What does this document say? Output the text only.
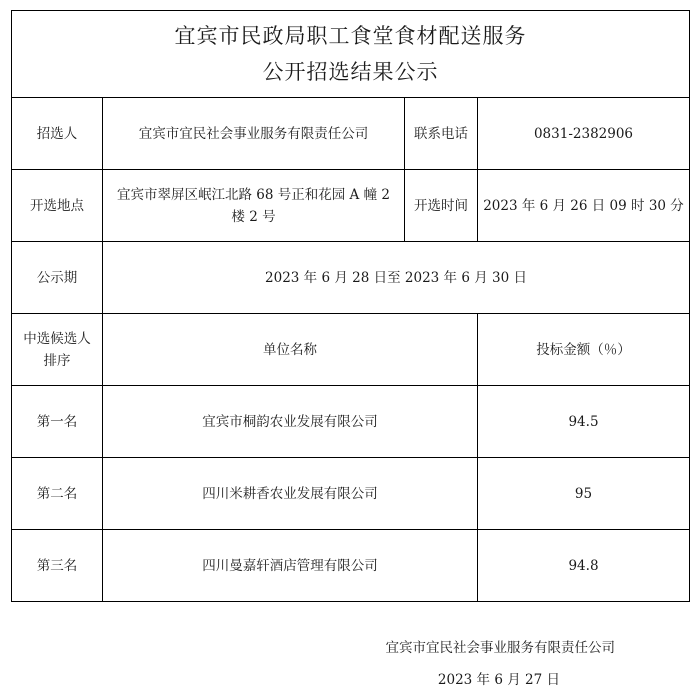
宜宾市民政局职工食堂食材配送服务
公开招选结果公示			

招选人	宜宾市宜民社会事业服务有限责任公司	联系电话	0831-2382906
开选地点	宜宾市翠屏区岷江北路 68 号正和花园 A 幢 2 楼 2 号	开选时间	2023 年 6 月 26 日 09 时 30 分
公示期	2023 年 6 月 28 日至 2023 年 6 月 30 日		

中选候选人
排序	单位名称		投标金额（％）
第一名	宜宾市桐韵农业发展有限公司		94.5
第二名	四川米耕香农业发展有限公司		95
第三名	四川曼嘉轩酒店管理有限公司		94.8
宜宾市宜民社会事业服务有限责任公司
2023 年 6 月 27 日
